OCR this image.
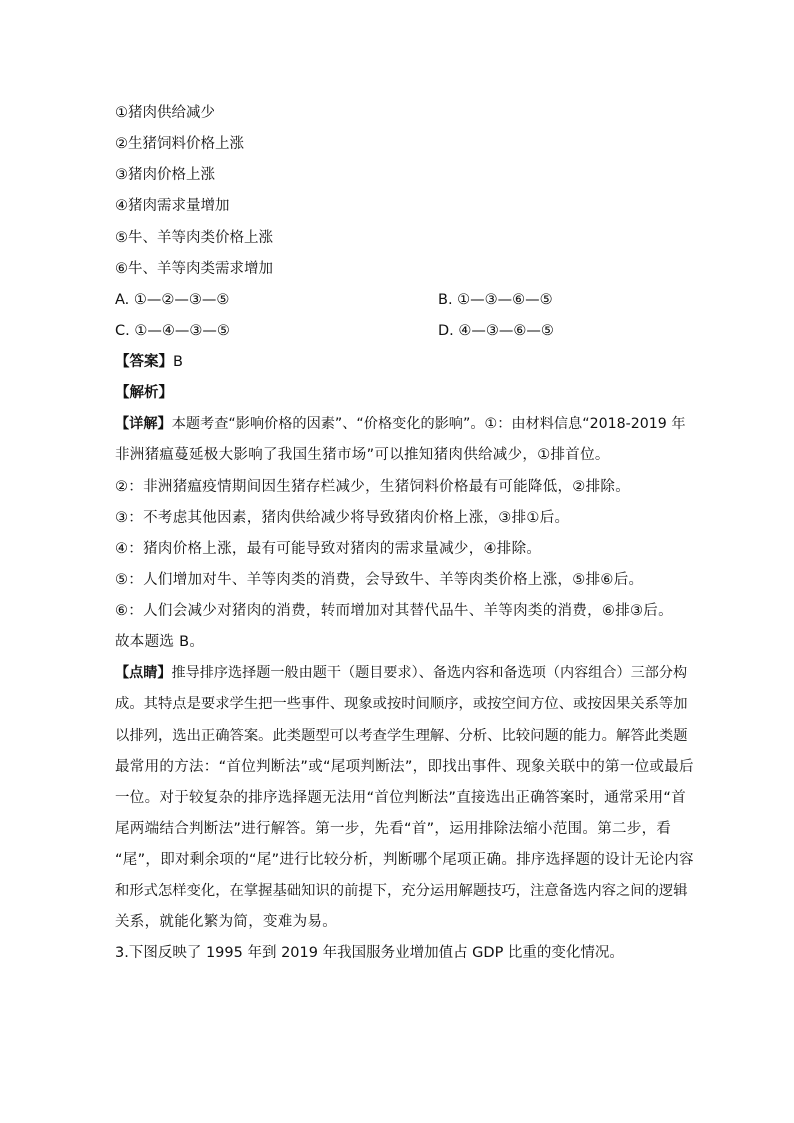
①猪肉供给减少
②生猪饲料价格上涨
③猪肉价格上涨
④猪肉需求量增加
⑤牛、羊等肉类价格上涨
⑥牛、羊等肉类需求增加
A. ①—②—③—⑤	B. ①—③—⑥—⑤
C. ①—④—③—⑤	D. ④—③—⑥—⑤
【答案】B
【解析】
【详解】本题考查“影响价格的因素”、“价格变化的影响”。①：由材料信息“2018-2019 年
非洲猪瘟蔓延极大影响了我国生猪市场”可以推知猪肉供给减少，①排首位。
②：非洲猪瘟疫情期间因生猪存栏减少，生猪饲料价格最有可能降低，②排除。
③：不考虑其他因素，猪肉供给减少将导致猪肉价格上涨，③排①后。
④：猪肉价格上涨，最有可能导致对猪肉的需求量减少，④排除。
⑤：人们增加对牛、羊等肉类的消费，会导致牛、羊等肉类价格上涨，⑤排⑥后。
⑥：人们会减少对猪肉的消费，转而增加对其替代品牛、羊等肉类的消费，⑥排③后。
故本题选 B。
【点睛】推导排序选择题一般由题干（题目要求）、备选内容和备选项（内容组合）三部分构
成。其特点是要求学生把一些事件、现象或按时间顺序，或按空间方位、或按因果关系等加
以排列，选出正确答案。此类题型可以考查学生理解、分析、比较问题的能力。解答此类题
最常用的方法：“首位判断法”或“尾项判断法”，即找出事件、现象关联中的第一位或最后
一位。对于较复杂的排序选择题无法用“首位判断法”直接选出正确答案时，通常采用“首
尾两端结合判断法”进行解答。第一步，先看“首”，运用排除法缩小范围。第二步，看
“尾”，即对剩余项的“尾”进行比较分析，判断哪个尾项正确。排序选择题的设计无论内容
和形式怎样变化，在掌握基础知识的前提下，充分运用解题技巧，注意备选内容之间的逻辑
关系，就能化繁为简，变难为易。
3.下图反映了 1995 年到 2019 年我国服务业增加值占 GDP 比重的变化情况。
